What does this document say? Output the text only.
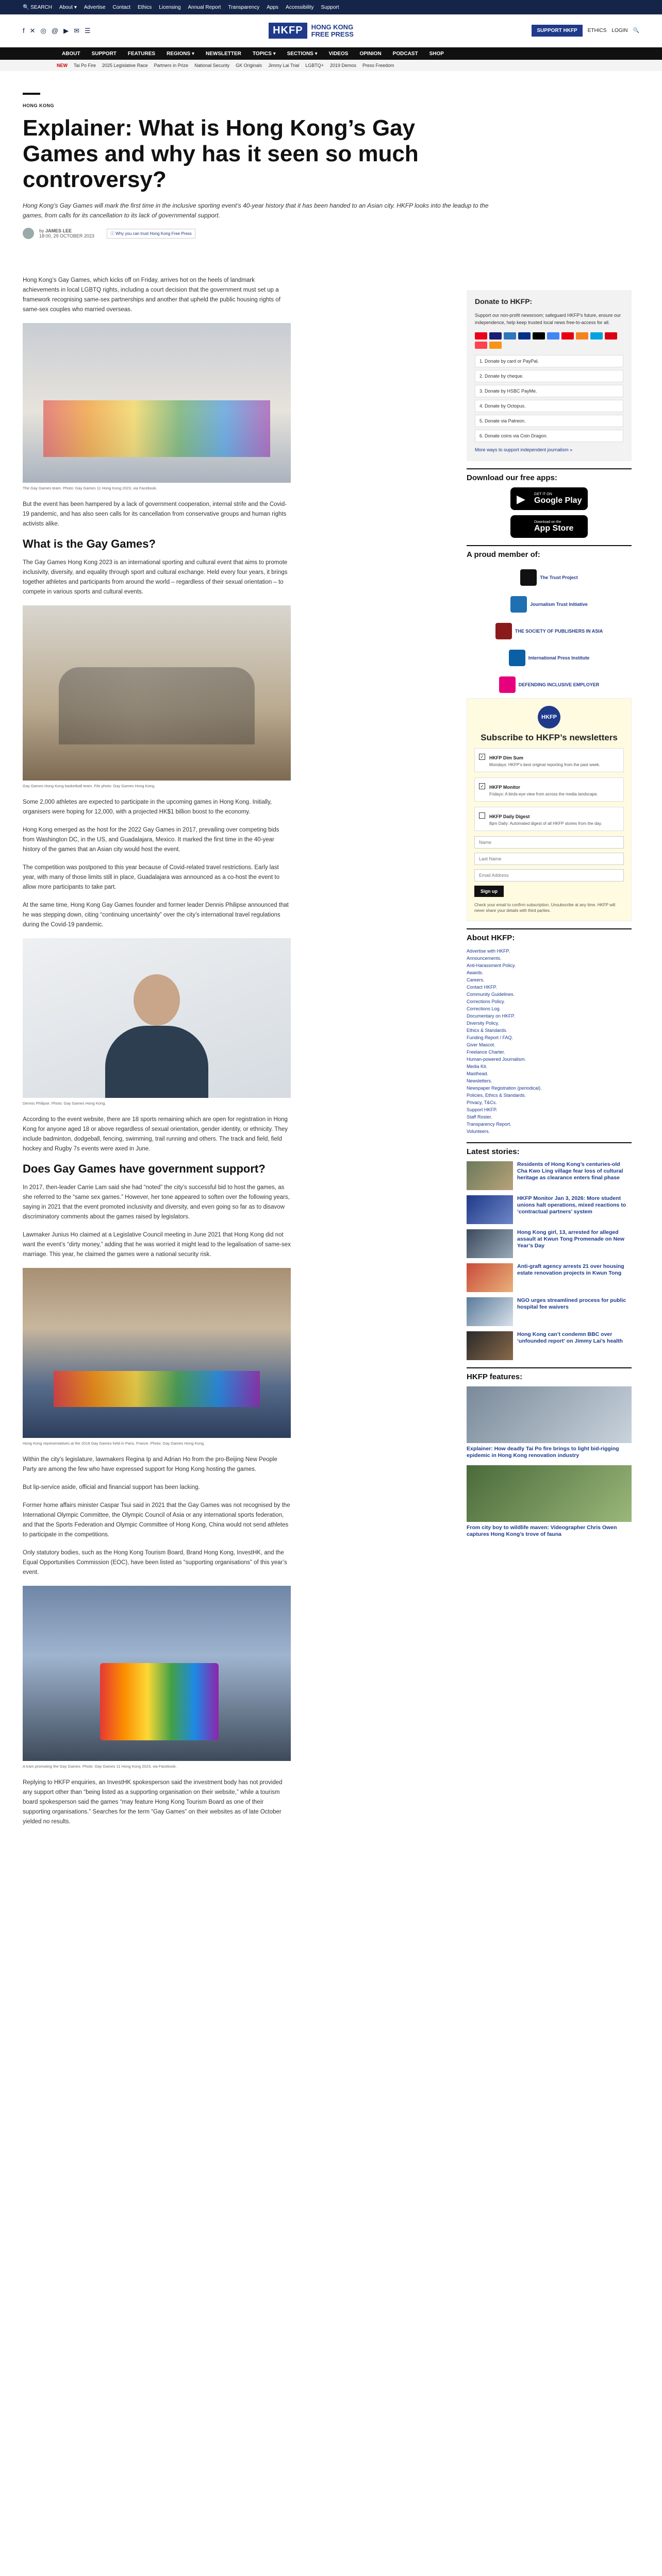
🔍 SEARCH About ▾ Advertise Contact Ethics Licensing Annual Report Transparency Apps Accessibility Support
f ✕ ◎ @ ▶ ✉ ☰	HKFP	HONG KONG
FREE PRESS	SUPPORT HKFP	ETHICS LOGIN 🔍
ABOUT SUPPORT FEATURES REGIONS ▾ NEWSLETTER TOPICS ▾ SECTIONS ▾ VIDEOS OPINION PODCAST SHOP
NEW Tai Po Fire 2025 Legislative Race Partners in Prize National Security GK Originals Jimmy Lai Trial LGBTQ+ 2019 Demos Press Freedom
HONG KONG
Explainer: What is Hong Kong’s Gay Games and why has it seen so much controversy?

Hong Kong’s Gay Games will mark the first time in the inclusive sporting event’s 40-year history that it has been handed to an Asian city. HKFP looks into the leadup to the games, from calls for its cancellation to its lack of governmental support.

by JAMES LEE
18:00, 29 OCTOBER 2023	ⓘ Why you can trust Hong Kong Free Press

Hong Kong’s Gay Games, which kicks off on Friday, arrives hot on the heels of landmark achievements in local LGBTQ rights, including a court decision that the government must set up a framework recognising same-sex partnerships and another that upheld the public housing rights of same-sex couples who married overseas.

The Gay Games team. Photo: Gay Games 11 Hong Kong 2023, via Facebook.

But the event has been hampered by a lack of government cooperation, internal strife and the Covid-19 pandemic, and has also seen calls for its cancellation from conservative groups and human rights activists alike.

What is the Gay Games?

The Gay Games Hong Kong 2023 is an international sporting and cultural event that aims to promote inclusivity, diversity, and equality through sport and cultural exchange. Held every four years, it brings together athletes and participants from around the world – regardless of their sexual orientation – to compete in various sports and cultural events.

Gay Games Hong Kong basketball team. File photo: Gay Games Hong Kong.

Some 2,000 athletes are expected to participate in the upcoming games in Hong Kong. Initially, organisers were hoping for 12,000, with a projected HK$1 billion boost to the economy.

Hong Kong emerged as the host for the 2022 Gay Games in 2017, prevailing over competing bids from Washington DC, in the US, and Guadalajara, Mexico. It marked the first time in the 40-year history of the games that an Asian city would host the event.

The competition was postponed to this year because of Covid-related travel restrictions. Early last year, with many of those limits still in place, Guadalajara was announced as a co-host the event to allow more participants to take part.

At the same time, Hong Kong Gay Games founder and former leader Dennis Philipse announced that he was stepping down, citing “continuing uncertainty” over the city’s international travel regulations during the Covid-19 pandemic.

Dennis Philipse. Photo: Gay Games Hong Kong.

According to the event website, there are 18 sports remaining which are open for registration in Hong Kong for anyone aged 18 or above regardless of sexual orientation, gender identity, or ethnicity. They include badminton, dodgeball, fencing, swimming, trail running and others. The track and field, field hockey and Rugby 7s events were axed in June.

Does Gay Games have government support?

In 2017, then-leader Carrie Lam said she had “noted” the city’s successful bid to host the games, as she referred to the “same sex games.” However, her tone appeared to soften over the following years, saying in 2021 that the event promoted inclusivity and diversity, and even going so far as to disavow discriminatory comments about the games raised by legislators.

Lawmaker Junius Ho claimed at a Legislative Council meeting in June 2021 that Hong Kong did not want the event’s “dirty money,” adding that he was worried it might lead to the legalisation of same-sex marriage. This year, he claimed the games were a national security risk.

Hong Kong representatives at the 2018 Gay Games held in Paris, France. Photo: Gay Games Hong Kong.

Within the city’s legislature, lawmakers Regina Ip and Adrian Ho from the pro-Beijing New People Party are among the few who have expressed support for Hong Kong hosting the games.

But lip-service aside, official and financial support has been lacking.

Former home affairs minister Caspar Tsui said in 2021 that the Gay Games was not recognised by the International Olympic Committee, the Olympic Council of Asia or any international sports federation, and that the Sports Federation and Olympic Committee of Hong Kong, China would not send athletes to participate in the competitions.

Only statutory bodies, such as the Hong Kong Tourism Board, Brand Hong Kong, InvestHK, and the Equal Opportunities Commission (EOC), have been listed as “supporting organisations” of this year’s event.

A tram promoting the Gay Games. Photo: Gay Games 11 Hong Kong 2023, via Facebook.

Replying to HKFP enquiries, an InvestHK spokesperson said the investment body has not provided any support other than “being listed as a supporting organisation on their website,” while a tourism board spokesperson said the games “may feature Hong Kong Tourism Board as one of their supporting organisations.” Searches for the term “Gay Games” on their websites as of late October yielded no results.

Donate to HKFP:

Support our non-profit newsroom; safeguard HKFP’s future, ensure our independence, help keep trusted local news free-to-access for all.

1. Donate by card or PayPal.
2. Donate by cheque.
3. Donate by HSBC PayMe.
4. Donate by Octopus.
5. Donate via Patreon.
6. Donate coins via Coin Dragon.
More ways to support independent journalism »
Download our free apps:
▶ GET IT ON
Google Play
Download on the
App Store
A proud member of:
The Trust Project
Journalism Trust Initiative
THE SOCIETY OF PUBLISHERS IN ASIA
International Press Institute
DEFENDING INCLUSIVE EMPLOYER
HKFP
Subscribe to HKFP’s newsletters
✓ HKFP Dim Sum

Mondays: HKFP’s best original reporting from the past week.

✓ HKFP Monitor

Fridays: A birds-eye view from across the media landscape.

HKFP Daily Digest

8pm Daily: Automated digest of all HKFP stories from the day.

Name
Last Name
Email Address
Sign up

Check your email to confirm subscription. Unsubscribe at any time. HKFP will never share your details with third parties.

About HKFP:
Advertise with HKFP.
Announcements.
Anti-Harassment Policy.
Awards.
Careers.
Contact HKFP.
Community Guidelines.
Corrections Policy.
Corrections Log.
Documentary on HKFP.
Diversity Policy.
Ethics & Standards.
Funding Report / FAQ.
Giver Mascot.
Freelance Charter.
Human-powered Journalism.
Media Kit.
Masthead.
Newsletters.
Newspaper Registration (periodical).
Policies, Ethics & Standards.
Privacy, T&Cs.
Support HKFP.
Staff Roster.
Transparency Report.
Volunteers.
Latest stories:
Residents of Hong Kong’s centuries-old Cha Kwo Ling village fear loss of cultural heritage as clearance enters final phase
HKFP Monitor Jan 3, 2026: More student unions halt operations, mixed reactions to ‘contractual partners’ system
Hong Kong girl, 13, arrested for alleged assault at Kwun Tong Promenade on New Year’s Day
Anti-graft agency arrests 21 over housing estate renovation projects in Kwun Tong
NGO urges streamlined process for public hospital fee waivers
Hong Kong can’t condemn BBC over ‘unfounded report’ on Jimmy Lai’s health
HKFP features:
Explainer: How deadly Tai Po fire brings to light bid-rigging epidemic in Hong Kong renovation industry
From city boy to wildlife maven: Videographer Chris Owen captures Hong Kong’s trove of fauna
